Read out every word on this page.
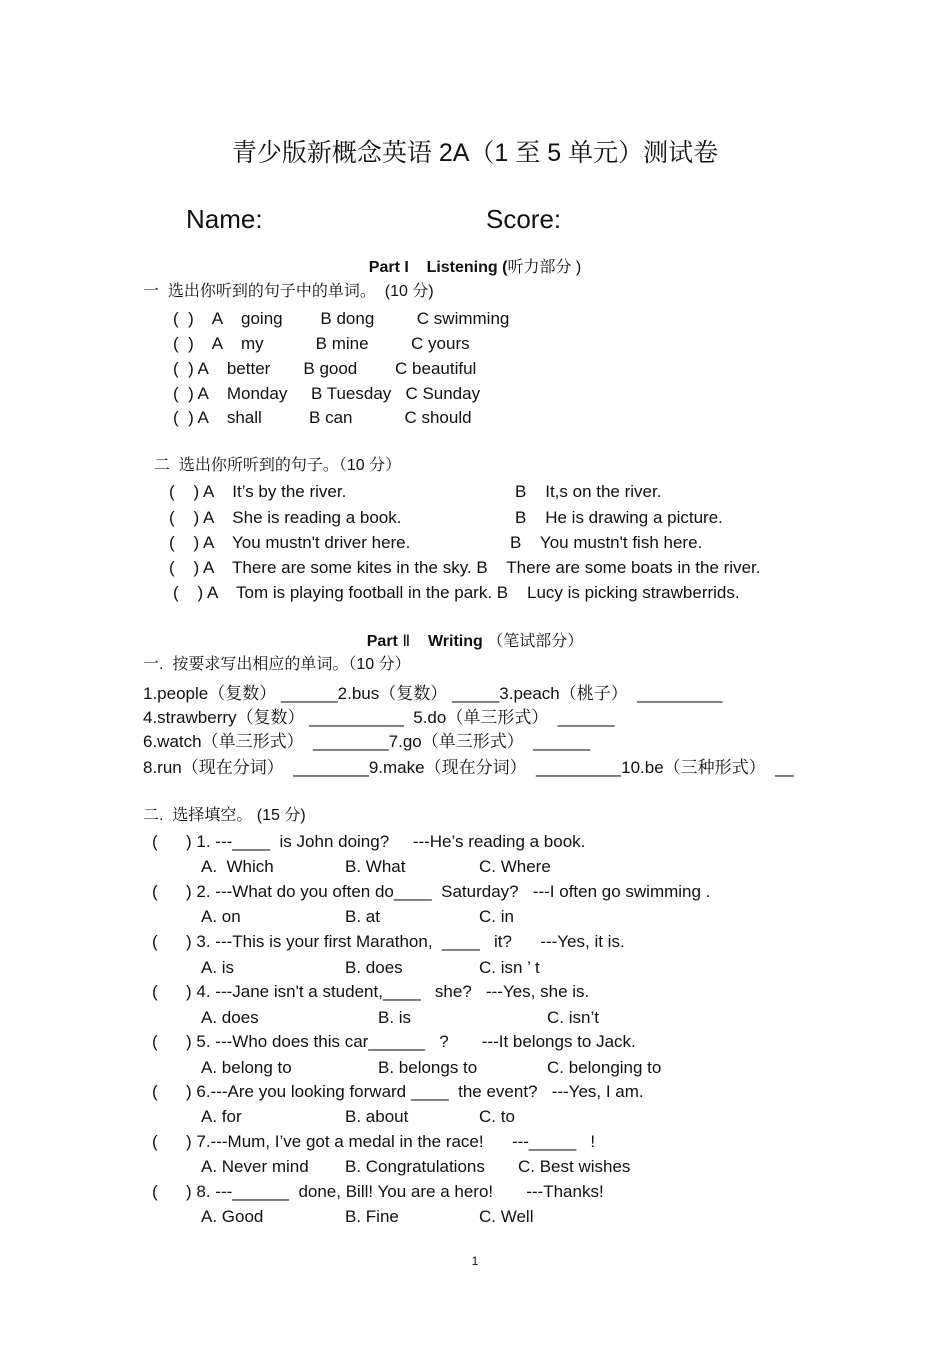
青少版新概念英语 2A（1 至 5 单元）测试卷
Name:	Score:
Part I    Listening (听力部分 )
一  选出你听到的句子中的单词。  (10 分)
(  )    A    going        B dong         C swimming
(  )    A    my           B mine         C yours
(  ) A    better       B good        C beautiful
(  ) A    Monday     B Tuesday   C Sunday
(  ) A    shall          B can           C should
二  选出你所听到的句子。（10 分）
(    ) A    It’s by the river.	B    It,s on the river.
(    ) A    She is reading a book.	B    He is drawing a picture.
(    ) A    You mustn't driver here.	B    You mustn't fish here.
(    ) A    There are some kites in the sky. B    There are some boats in the river.
(    ) A    Tom is playing football in the park. B    Lucy is picking strawberrids.
Part Ⅱ    Writing （笔试部分）
一.  按要求写出相应的单词。（10 分）
1.people（复数） ______2.bus（复数） _____3.peach（桃子）  _________
4.strawberry（复数） __________  5.do（单三形式）  ______
6.watch（单三形式）  ________7.go（单三形式）  ______
8.run（现在分词）  ________9.make（现在分词）  _________10.be（三种形式）  __
二.  选择填空。 (15 分)
(      ) 1. ---____  is John doing?     ---He’s reading a book.
A.  Which	B. What	C. Where
(      ) 2. ---What do you often do____  Saturday?   ---I often go swimming .
A. on	B. at	C. in
(      ) 3. ---This is your first Marathon,  ____   it?      ---Yes, it is.
A. is	B. does	C. isn ’ t
(      ) 4. ---Jane isn't a student,____   she?   ---Yes, she is.
A. does	B. is	C. isn’t
(      ) 5. ---Who does this car______   ?       ---It belongs to Jack.
A. belong to	B. belongs to	C. belonging to
(      ) 6.---Are you looking forward ____  the event?   ---Yes, I am.
A. for	B. about	C. to
(      ) 7.---Mum, I’ve got a medal in the race!      ---_____   !
A. Never mind B. Congratulations C. Best wishes
(      ) 8. ---______  done, Bill! You are a hero!       ---Thanks!
A. Good	B. Fine	C. Well
1
